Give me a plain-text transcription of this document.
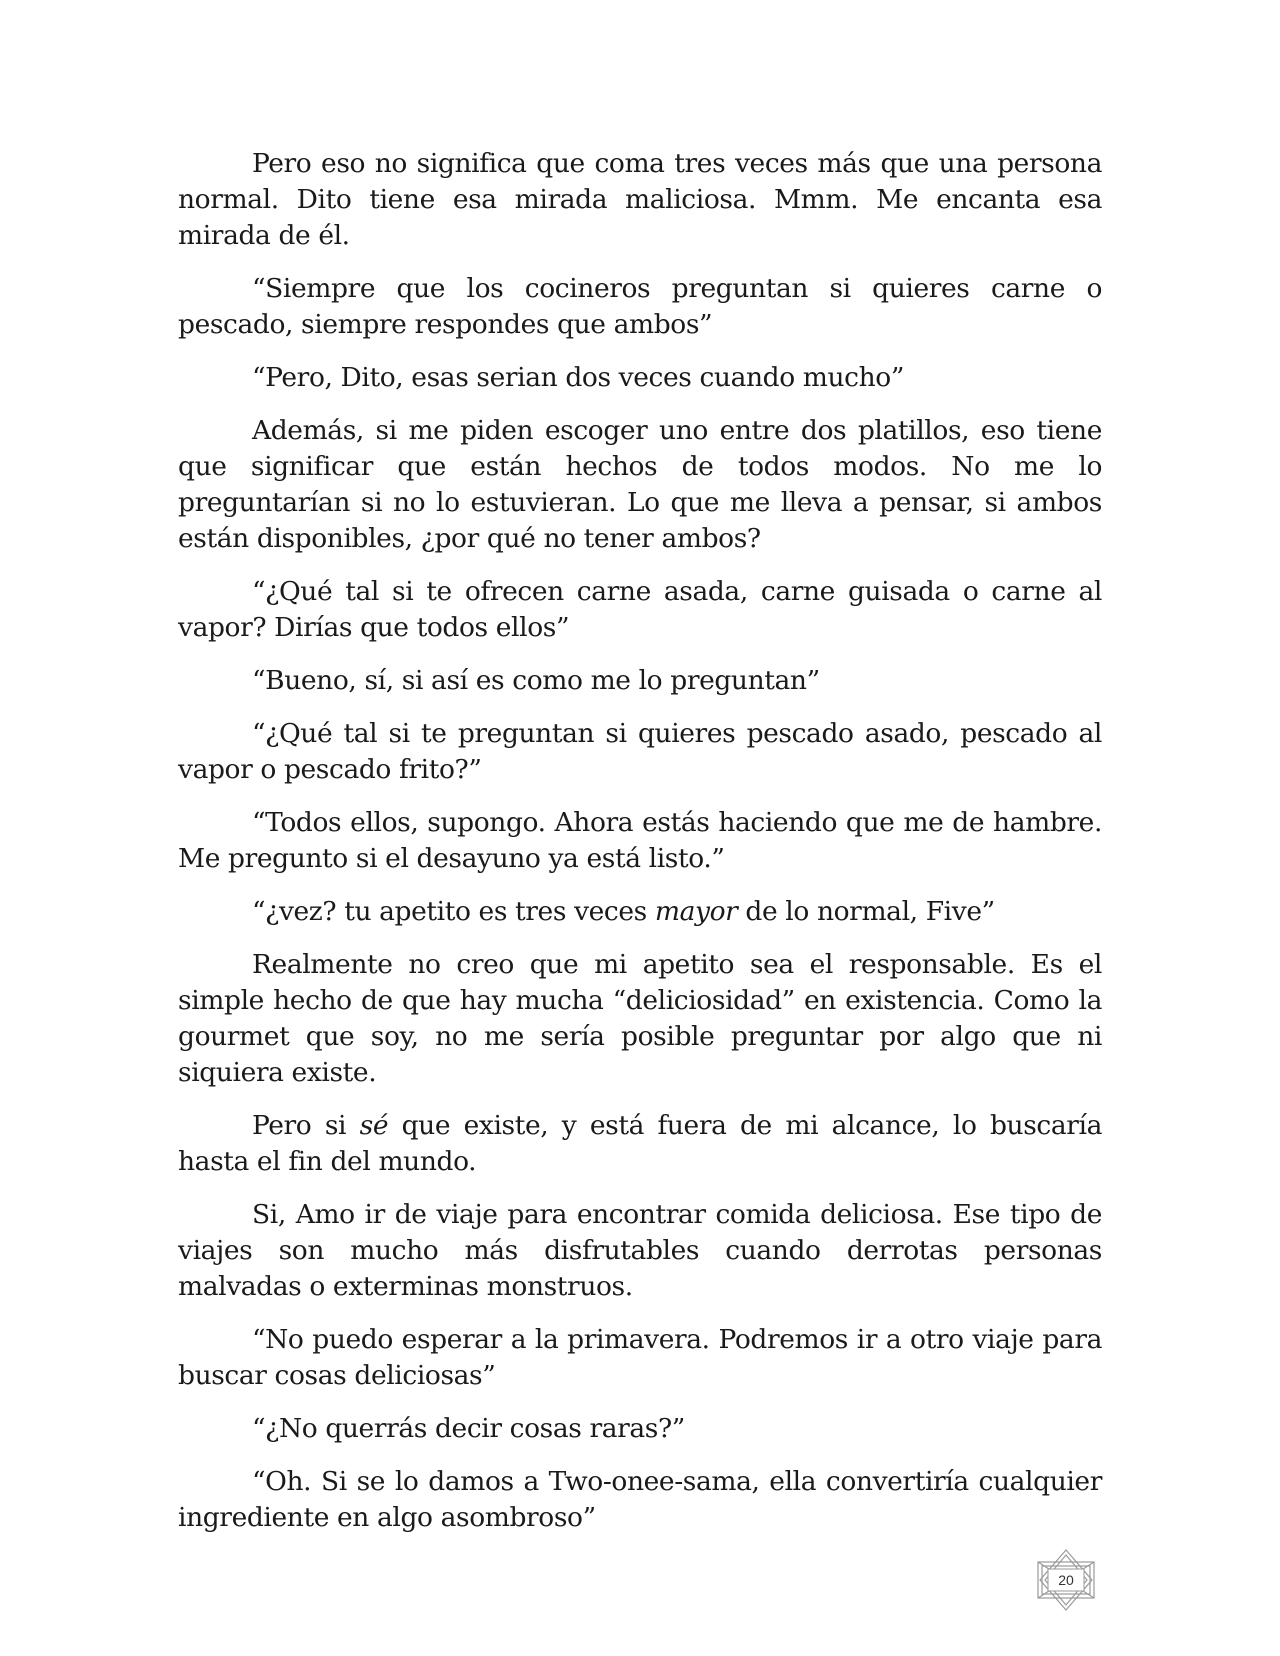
Pero eso no significa que coma tres veces más que una persona normal. Dito tiene esa mirada maliciosa. Mmm. Me encanta esa mirada de él.

“Siempre que los cocineros preguntan si quieres carne o pescado, siempre respondes que ambos”

“Pero, Dito, esas serian dos veces cuando mucho”

Además, si me piden escoger uno entre dos platillos, eso tiene que significar que están hechos de todos modos. No me lo preguntarían si no lo estuvieran. Lo que me lleva a pensar, si ambos están disponibles, ¿por qué no tener ambos?

“¿Qué tal si te ofrecen carne asada, carne guisada o carne al vapor? Dirías que todos ellos”

“Bueno, sí, si así es como me lo preguntan”

“¿Qué tal si te preguntan si quieres pescado asado, pescado al vapor o pescado frito?”

“Todos ellos, supongo. Ahora estás haciendo que me de hambre. Me pregunto si el desayuno ya está listo.”

“¿vez? tu apetito es tres veces mayor de lo normal, Five”

Realmente no creo que mi apetito sea el responsable. Es el simple hecho de que hay mucha “deliciosidad” en existencia. Como la gourmet que soy, no me sería posible preguntar por algo que ni siquiera existe.

Pero si sé que existe, y está fuera de mi alcance, lo buscaría hasta el fin del mundo.

Si, Amo ir de viaje para encontrar comida deliciosa. Ese tipo de viajes son mucho más disfrutables cuando derrotas personas malvadas o exterminas monstruos.

“No puedo esperar a la primavera. Podremos ir a otro viaje para buscar cosas deliciosas”

“¿No querrás decir cosas raras?”

“Oh. Si se lo damos a Two-onee-sama, ella convertiría cualquier ingrediente en algo asombroso”

20
